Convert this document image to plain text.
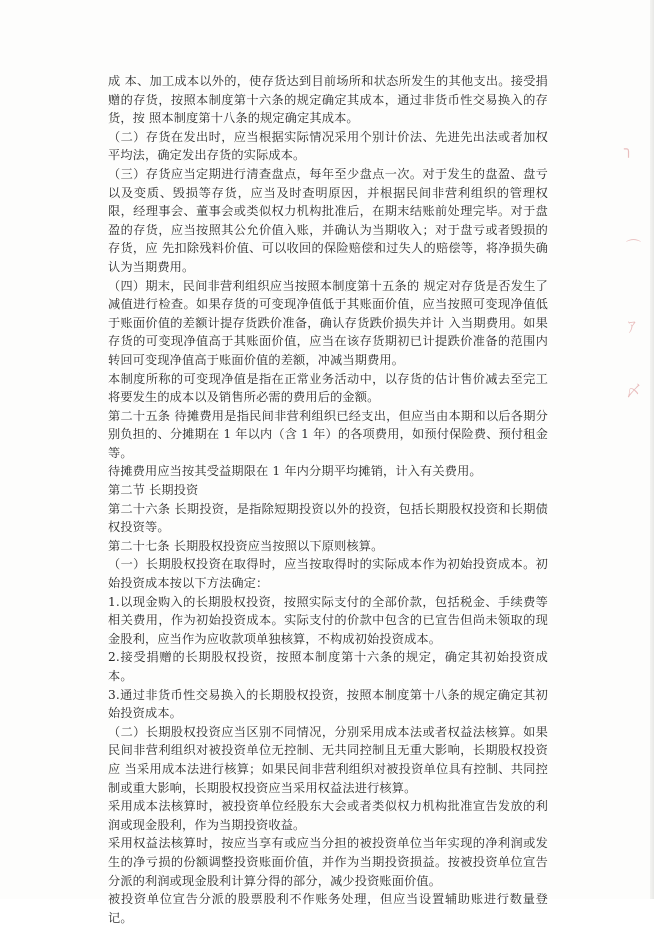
成 本、加工成本以外的，使存货达到目前场所和状态所发生的其他支出。接受捐赠的存货，按照本制度第十六条的规定确定其成本，通过非货币性交易换入的存货，按 照本制度第十八条的规定确定其成本。

（二）存货在发出时，应当根据实际情况采用个别计价法、先进先出法或者加权平均法，确定发出存货的实际成本。

（三）存货应当定期进行清查盘点，每年至少盘点一次。对于发生的盘盈、盘亏以及变质、毁损等存货，应当及时查明原因，并根据民间非营利组织的管理权限，经理事会、董事会或类似权力机构批准后，在期末结账前处理完毕。对于盘盈的存货，应当按照其公允价值入账，并确认为当期收入；对于盘亏或者毁损的存货，应 先扣除残料价值、可以收回的保险赔偿和过失人的赔偿等，将净损失确认为当期费用。

（四）期末，民间非营利组织应当按照本制度第十五条的 规定对存货是否发生了减值进行检查。如果存货的可变现净值低于其账面价值，应当按照可变现净值低于账面价值的差额计提存货跌价准备，确认存货跌价损失并计 入当期费用。如果存货的可变现净值高于其账面价值，应当在该存货期初已计提跌价准备的范围内转回可变现净值高于账面价值的差额，冲减当期费用。

本制度所称的可变现净值是指在正常业务活动中，以存货的估计售价减去至完工将要发生的成本以及销售所必需的费用后的金额。

第二十五条 待摊费用是指民间非营利组织已经支出，但应当由本期和以后各期分别负担的、分摊期在 1 年以内（含 1 年）的各项费用，如预付保险费、预付租金等。

待摊费用应当按其受益期限在 1 年内分期平均摊销，计入有关费用。

第二节 长期投资

第二十六条 长期投资，是指除短期投资以外的投资，包括长期股权投资和长期债权投资等。

第二十七条 长期股权投资应当按照以下原则核算。

（一）长期股权投资在取得时，应当按取得时的实际成本作为初始投资成本。初始投资成本按以下方法确定：

1.以现金购入的长期股权投资，按照实际支付的全部价款，包括税金、手续费等相关费用，作为初始投资成本。实际支付的价款中包含的已宣告但尚未领取的现金股利，应当作为应收款项单独核算，不构成初始投资成本。

2.接受捐赠的长期股权投资，按照本制度第十六条的规定，确定其初始投资成本。

3.通过非货币性交易换入的长期股权投资，按照本制度第十八条的规定确定其初始投资成本。

（二）长期股权投资应当区别不同情况，分别采用成本法或者权益法核算。如果民间非营利组织对被投资单位无控制、无共同控制且无重大影响，长期股权投资应 当采用成本法进行核算；如果民间非营利组织对被投资单位具有控制、共同控制或重大影响，长期股权投资应当采用权益法进行核算。

采用成本法核算时，被投资单位经股东大会或者类似权力机构批准宣告发放的利润或现金股利，作为当期投资收益。

采用权益法核算时，按应当享有或应当分担的被投资单位当年实现的净利润或发生的净亏损的份额调整投资账面价值，并作为当期投资损益。按被投资单位宣告分派的利润或现金股利计算分得的部分，减少投资账面价值。

被投资单位宣告分派的股票股利不作账务处理，但应当设置辅助账进行数量登记。

╮
⌒
ｱ
〆
